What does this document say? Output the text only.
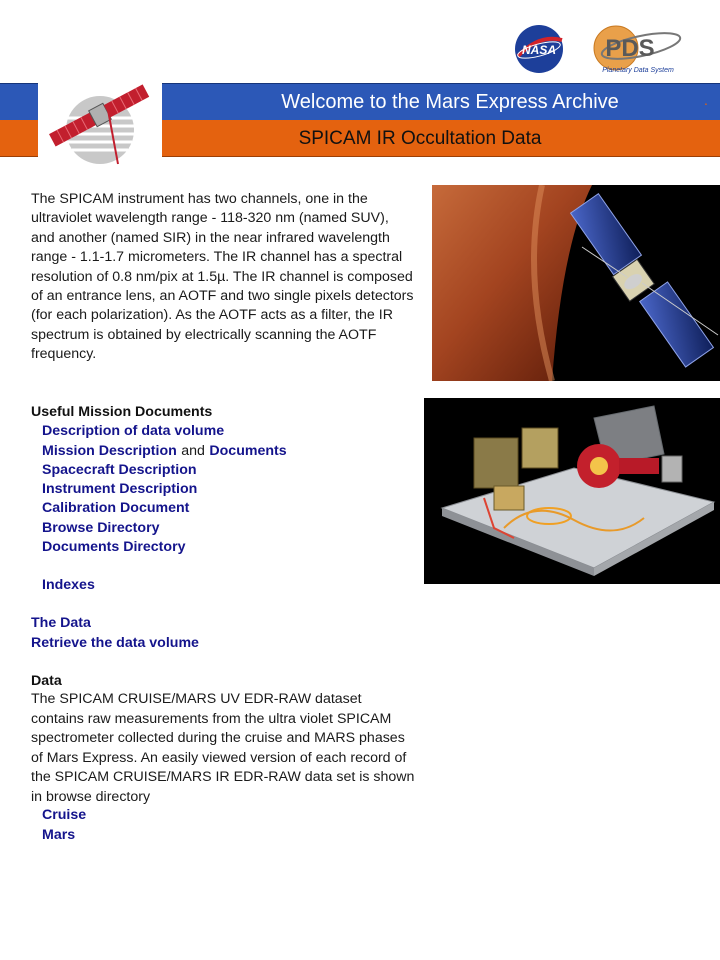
NASA PDS
Planetary Data System
Welcome to the Mars Express Archive	.
SPICAM IR Occultation Data
The SPICAM instrument has two channels, one in the ultraviolet wavelength range - 118-320 nm (named SUV), and another (named SIR) in the near infrared wavelength range - 1.1-1.7 micrometers. The IR channel has a spectral resolution of 0.8 nm/pix at 1.5µ. The IR channel is composed of an entrance lens, an AOTF and two single pixels detectors (for each polarization). As the AOTF acts as a filter, the IR spectrum is obtained by electrically scanning the AOTF frequency.
Useful Mission Documents
Description of data volume
Mission Description and Documents
Spacecraft Description
Instrument Description
Calibration Document
Browse Directory
Documents Directory
Indexes
The Data
Retrieve the data volume
Data
The SPICAM CRUISE/MARS UV EDR-RAW dataset contains raw measurements from the ultra violet SPICAM spectrometer collected during the cruise and MARS phases of Mars Express. An easily viewed version of each record of the SPICAM CRUISE/MARS IR EDR-RAW data set is shown in browse directory
Cruise
Mars
